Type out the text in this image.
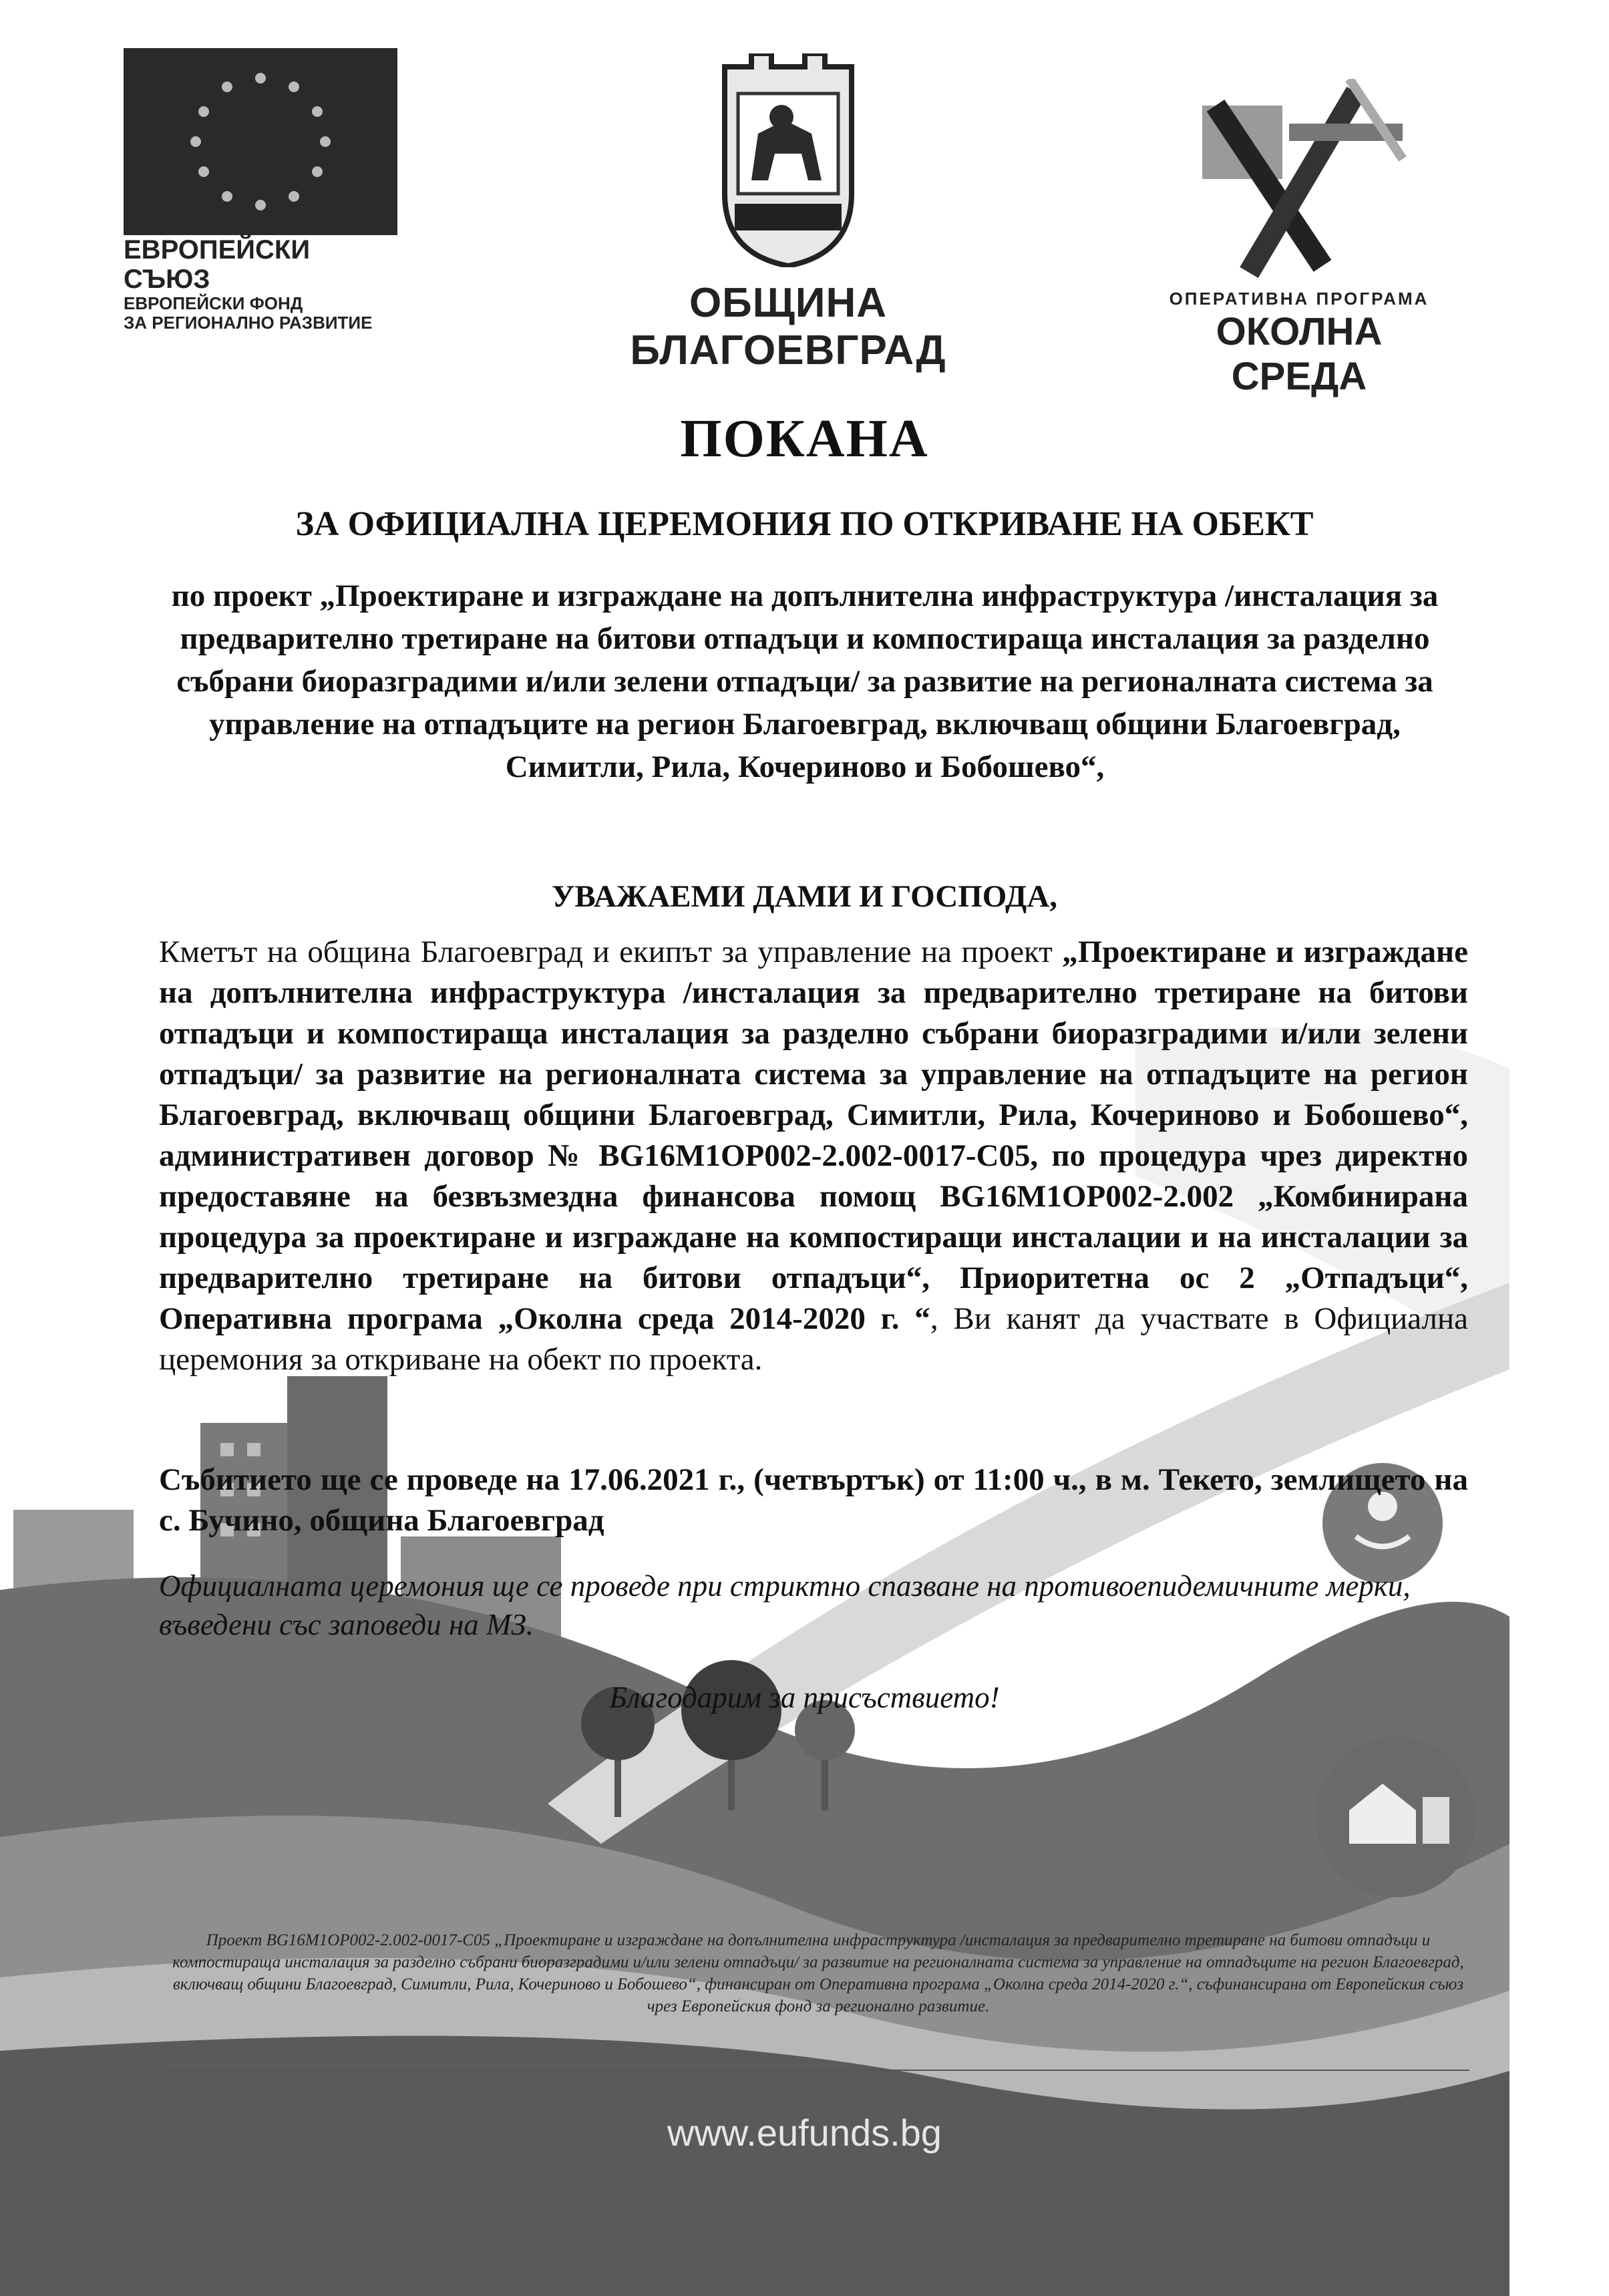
ЕВРОПЕЙСКИ СЪЮЗ
ЕВРОПЕЙСКИ ФОНД
ЗА РЕГИОНАЛНО РАЗВИТИЕ	ОБЩИНА БЛАГОЕВГРАД
ОПЕРАТИВНА ПРОГРАМА
ОКОЛНА СРЕДА
ПОКАНА
ЗА ОФИЦИАЛНА ЦЕРЕМОНИЯ ПО ОТКРИВАНЕ НА ОБЕКТ
по проект „Проектиране и изграждане на допълнителна инфраструктура /инсталация за предварително третиране на битови отпадъци и компостираща инсталация за разделно събрани биоразградими и/или зелени отпадъци/ за развитие на регионалната система за управление на отпадъците на регион Благоевград, включващ общини Благоевград, Симитли, Рила, Кочериново и Бобошево“,
УВАЖАЕМИ ДАМИ И ГОСПОДА,
Кметът на община Благоевград и екипът за управление на проект „Проектиране и изграждане на допълнителна инфраструктура /инсталация за предварително третиране на битови отпадъци и компостираща инсталация за разделно събрани биоразградими и/или зелени отпадъци/ за развитие на регионалната система за управление на отпадъците на регион Благоевград, включващ общини Благоевград, Симитли, Рила, Кочериново и Бобошево“, административен договор № BG16M1OP002-2.002-0017-C05, по процедура чрез директно предоставяне на безвъзмездна финансова помощ BG16M1OP002-2.002 „Комбинирана процедура за проектиране и изграждане на компостиращи инсталации и на инсталации за предварително третиране на битови отпадъци“, Приоритетна ос 2 „Отпадъци“, Оперативна програма „Околна среда 2014-2020 г. “, Ви канят да участвате в Официална церемония за откриване на обект по проекта.
Събитието ще се проведе на 17.06.2021 г., (четвъртък) от 11:00 ч., в м. Текето, землището на с. Бучино, община Благоевград
Официалната церемония ще се проведе при стриктно спазване на противоепидемичните мерки, въведени със заповеди на МЗ.
Благодарим за присъствието!
Проект BG16M1OP002-2.002-0017-C05 „Проектиране и изграждане на допълнителна инфраструктура /инсталация за предварително третиране на битови отпадъци и компостираща инсталация за разделно събрани биоразградими и/или зелени отпадъци/ за развитие на регионалната система за управление на отпадъците на регион Благоевград, включващ общини Благоевград, Симитли, Рила, Кочериново и Бобошево“, финансиран от Оперативна програма „Околна среда 2014-2020 г.“, съфинансирана от Европейския съюз чрез Европейския фонд за регионално развитие.
www.eufunds.bg
